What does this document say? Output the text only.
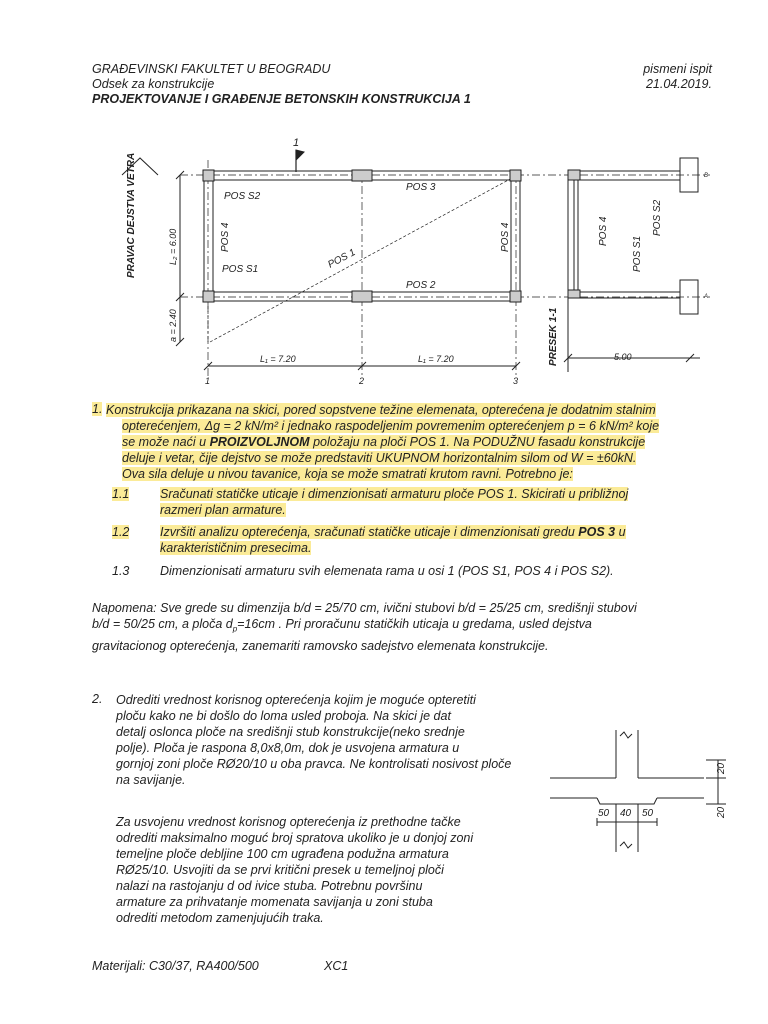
GRAĐEVINSKI FAKULTET U BEOGRADU
Odsek za konstrukcije
PROJEKTOVANJE I GRAĐENJE BETONSKIH KONSTRUKCIJA 1
pismeni ispit
21.04.2019.
PRAVAC DEJSTVA VETRA	L₂ = 6.00
a = 2.40
L₁ = 7.20	L₁ = 7.20
POS S2
POS S1
POS 3
POS 2
POS 1
POS 4	POS 4
1
1	2	3
PRESEK 1-1
POS 4
POS S1
POS S2
5.00
B
A
1. Konstrukcija prikazana na skici, pored sopstvene težine elemenata, opterećena je dodatnim stalnim
opterećenjem, Δg = 2 kN/m² i jednako raspodeljenim povremenim opterećenjem p = 6 kN/m² koje
se može naći u PROIZVOLJNOM položaju na ploči POS 1. Na PODUŽNU fasadu konstrukcije
deluje i vetar, čije dejstvo se može predstaviti UKUPNOM horizontalnim silom od W = ±60kN.
Ova sila deluje u nivou tavanice, koja se može smatrati krutom ravni. Potrebno je:
1.1 Sračunati statičke uticaje i dimenzionisati armaturu ploče POS 1. Skicirati u približnoj
razmeri plan armature.
1.2 Izvršiti analizu opterećenja, sračunati statičke uticaje i dimenzionisati gredu POS 3 u
karakterističnim presecima.
1.3 Dimenzionisati armaturu svih elemenata rama u osi 1 (POS S1, POS 4 i POS S2).
Napomena: Sve grede su dimenzija b/d = 25/70 cm, ivični stubovi b/d = 25/25 cm, središnji stubovi
b/d = 50/25 cm, a ploča $d_p=16cm$ . Pri proračunu statičkih uticaja u gredama, usled dejstva
gravitacionog opterećenja, zanemariti ramovsko sadejstvo elemenata konstrukcije.
2. Odrediti vrednost korisnog opterećenja kojim je moguće opteretiti
ploču kako ne bi došlo do loma usled proboja. Na skici je dat
detalj oslonca ploče na središnji stub konstrukcije(neko srednje
polje). Ploča je raspona 8,0x8,0m, dok je usvojena armatura u
gornjoj zoni ploče RØ20/10 u oba pravca. Ne kontrolisati nosivost ploče
na savijanje.
Za usvojenu vrednost korisnog opterećenja iz prethodne tačke
odrediti maksimalno moguć broj spratova ukoliko je u donjoj zoni
temeljne ploče debljine 100 cm ugrađena podužna armatura
RØ25/10. Usvojiti da se prvi kritični presek u temeljnoj ploči
nalazi na rastojanju d od ivice stuba. Potrebnu površinu
armature za prihvatanje momenata savijanja u zoni stuba
odrediti metodom zamenjujućih traka.
50 40 50
20
20
Materijali: C30/37, RA400/500	XC1
